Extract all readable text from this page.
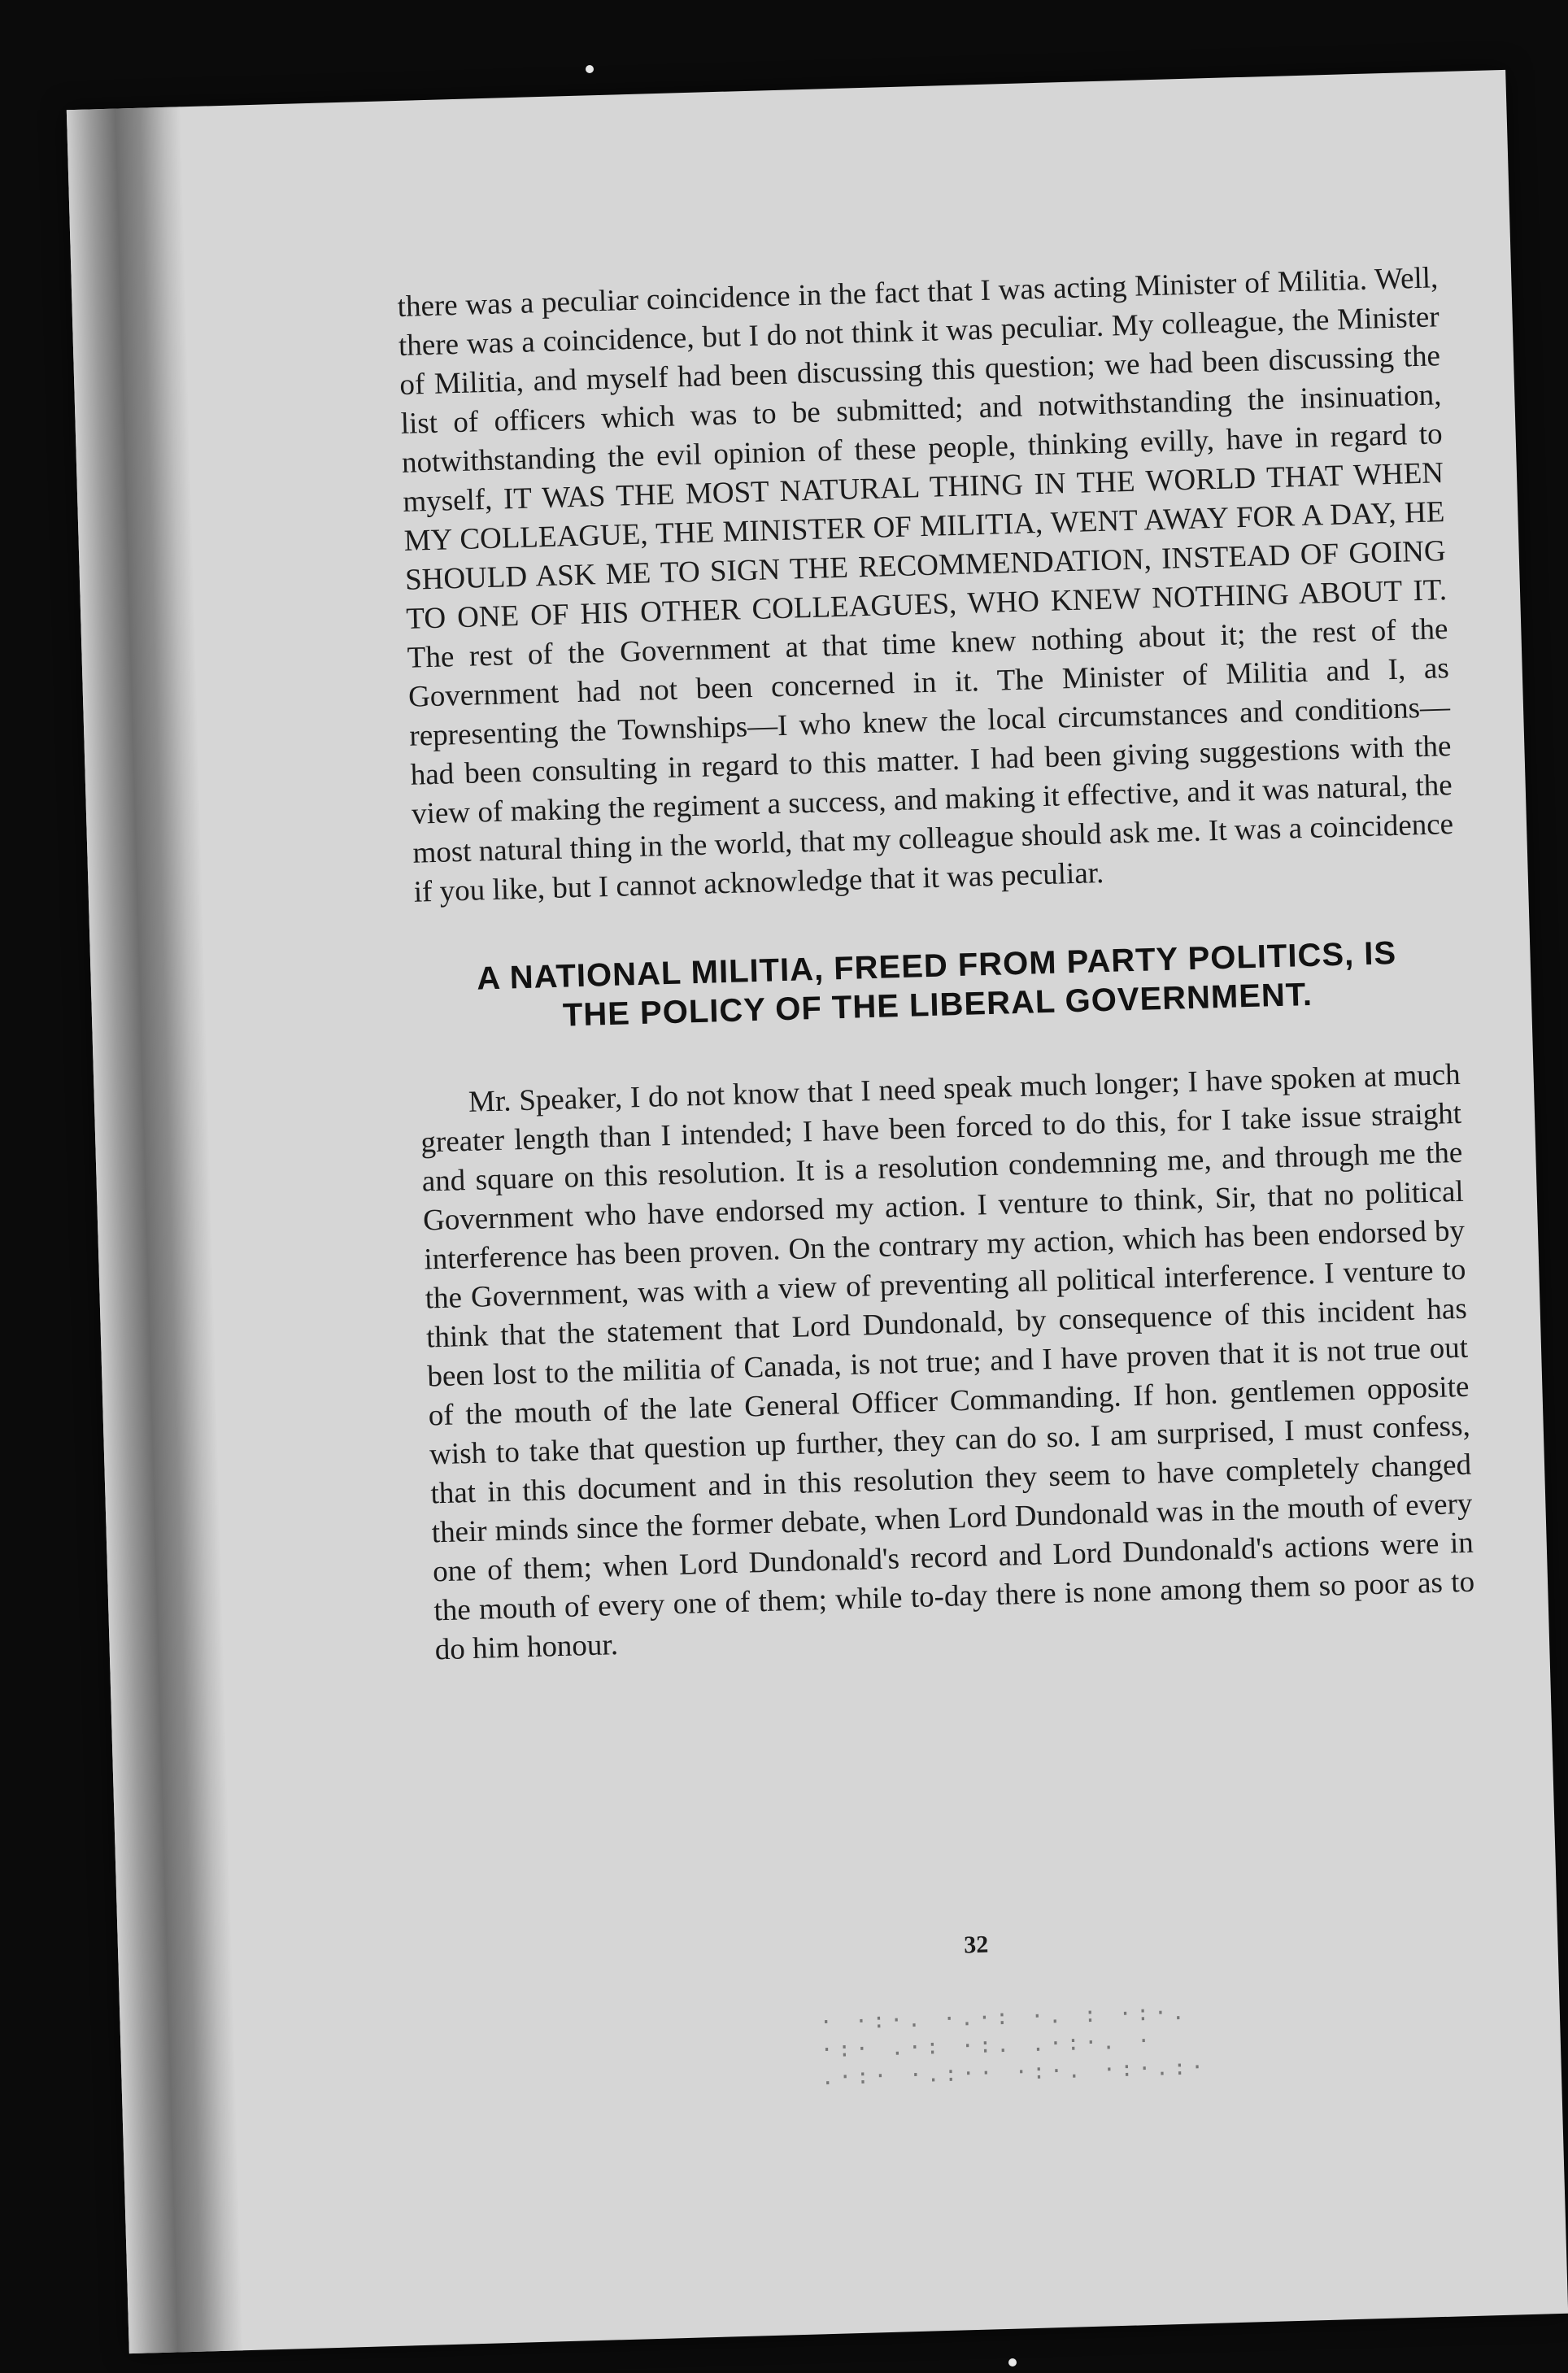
there was a peculiar coincidence in the fact that I was acting Minister of Militia. Well, there was a coincidence, but I do not think it was peculiar. My colleague, the Minister of Militia, and myself had been discussing this question; we had been discussing the list of officers which was to be submitted; and notwithstanding the insinuation, notwithstanding the evil opinion of these people, thinking evilly, have in regard to myself, IT WAS THE MOST NATURAL THING IN THE WORLD THAT WHEN MY COLLEAGUE, THE MINISTER OF MILITIA, WENT AWAY FOR A DAY, HE SHOULD ASK ME TO SIGN THE RECOMMENDATION, INSTEAD OF GOING TO ONE OF HIS OTHER COLLEAGUES, WHO KNEW NOTHING ABOUT IT. The rest of the Government at that time knew nothing about it; the rest of the Government had not been concerned in it. The Minister of Militia and I, as representing the Townships—I who knew the local circumstances and conditions—had been consulting in regard to this matter. I had been giving suggestions with the view of making the regiment a success, and making it effective, and it was natural, the most natural thing in the world, that my colleague should ask me. It was a coincidence if you like, but I cannot acknowledge that it was peculiar.

A NATIONAL MILITIA, FREED FROM PARTY POLITICS, IS THE POLICY OF THE LIBERAL GOVERNMENT.

Mr. Speaker, I do not know that I need speak much longer; I have spoken at much greater length than I intended; I have been forced to do this, for I take issue straight and square on this resolution. It is a resolution condemning me, and through me the Government who have endorsed my action. I venture to think, Sir, that no political interference has been proven. On the contrary my action, which has been endorsed by the Government, was with a view of preventing all political interference. I venture to think that the statement that Lord Dundonald, by consequence of this incident has been lost to the militia of Canada, is not true; and I have proven that it is not true out of the mouth of the late General Officer Commanding. If hon. gentlemen opposite wish to take that question up further, they can do so. I am surprised, I must confess, that in this document and in this resolution they seem to have completely changed their minds since the former debate, when Lord Dundonald was in the mouth of every one of them; when Lord Dundonald's record and Lord Dundonald's actions were in the mouth of every one of them; while to-day there is none among them so poor as to do him honour.

32
· ·:·. ·.·: ·. : ·:·.
·:· .·: ·:. .·:·. ·
.·:· ·.:·· ·:·. ·:·.:·
